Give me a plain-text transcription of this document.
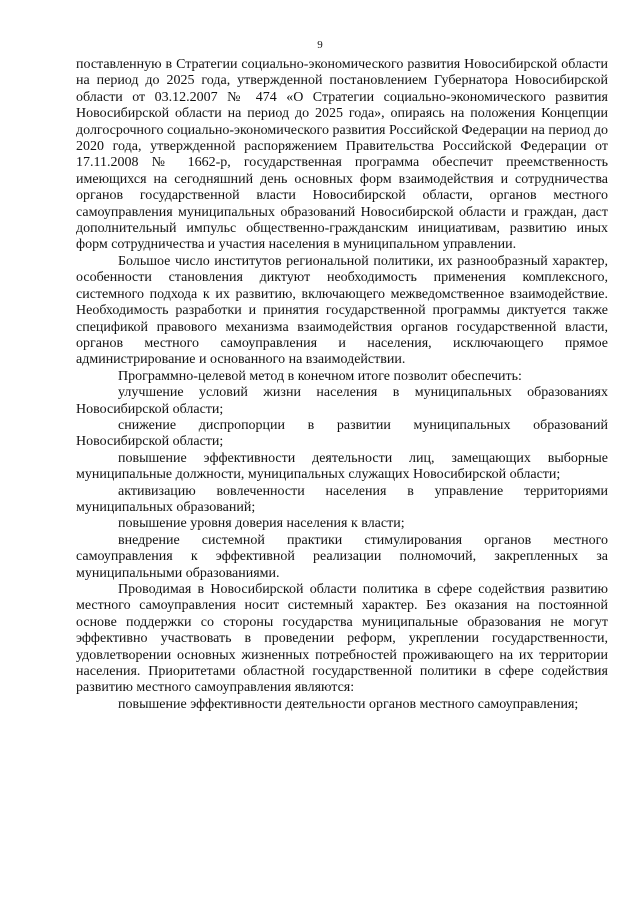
9

поставленную в Стратегии социально-экономического развития Новосибирской области на период до 2025 года, утвержденной постановлением Губернатора Новосибирской области от 03.12.2007 № 474 «О Стратегии социально-экономического развития Новосибирской области на период до 2025 года», опираясь на положения Концепции долгосрочного социально-экономического развития Российской Федерации на период до 2020 года, утвержденной распоряжением Правительства Российской Федерации от 17.11.2008 № 1662-р, государственная программа обеспечит преемственность имеющихся на сегодняшний день основных форм взаимодействия и сотрудничества органов государственной власти Новосибирской области, органов местного самоуправления муниципальных образований Новосибирской области и граждан, даст дополнительный импульс общественно-гражданским инициативам, развитию иных форм сотрудничества и участия населения в муниципальном управлении.

Большое число институтов региональной политики, их разнообразный характер, особенности становления диктуют необходимость применения комплексного, системного подхода к их развитию, включающего межведомственное взаимодействие. Необходимость разработки и принятия государственной программы диктуется также спецификой правового механизма взаимодействия органов государственной власти, органов местного самоуправления и населения, исключающего прямое администрирование и основанного на взаимодействии.

Программно-целевой метод в конечном итоге позволит обеспечить:

улучшение условий жизни населения в муниципальных образованиях Новосибирской области;

снижение диспропорции в развитии муниципальных образований Новосибирской области;

повышение эффективности деятельности лиц, замещающих выборные муниципальные должности, муниципальных служащих Новосибирской области;

активизацию вовлеченности населения в управление территориями муниципальных образований;

повышение уровня доверия населения к власти;

внедрение системной практики стимулирования органов местного самоуправления к эффективной реализации полномочий, закрепленных за муниципальными образованиями.

Проводимая в Новосибирской области политика в сфере содействия развитию местного самоуправления носит системный характер. Без оказания на постоянной основе поддержки со стороны государства муниципальные образования не могут эффективно участвовать в проведении реформ, укреплении государственности, удовлетворении основных жизненных потребностей проживающего на их территории населения. Приоритетами областной государственной политики в сфере содействия развитию местного самоуправления являются:

повышение эффективности деятельности органов местного самоуправления;
